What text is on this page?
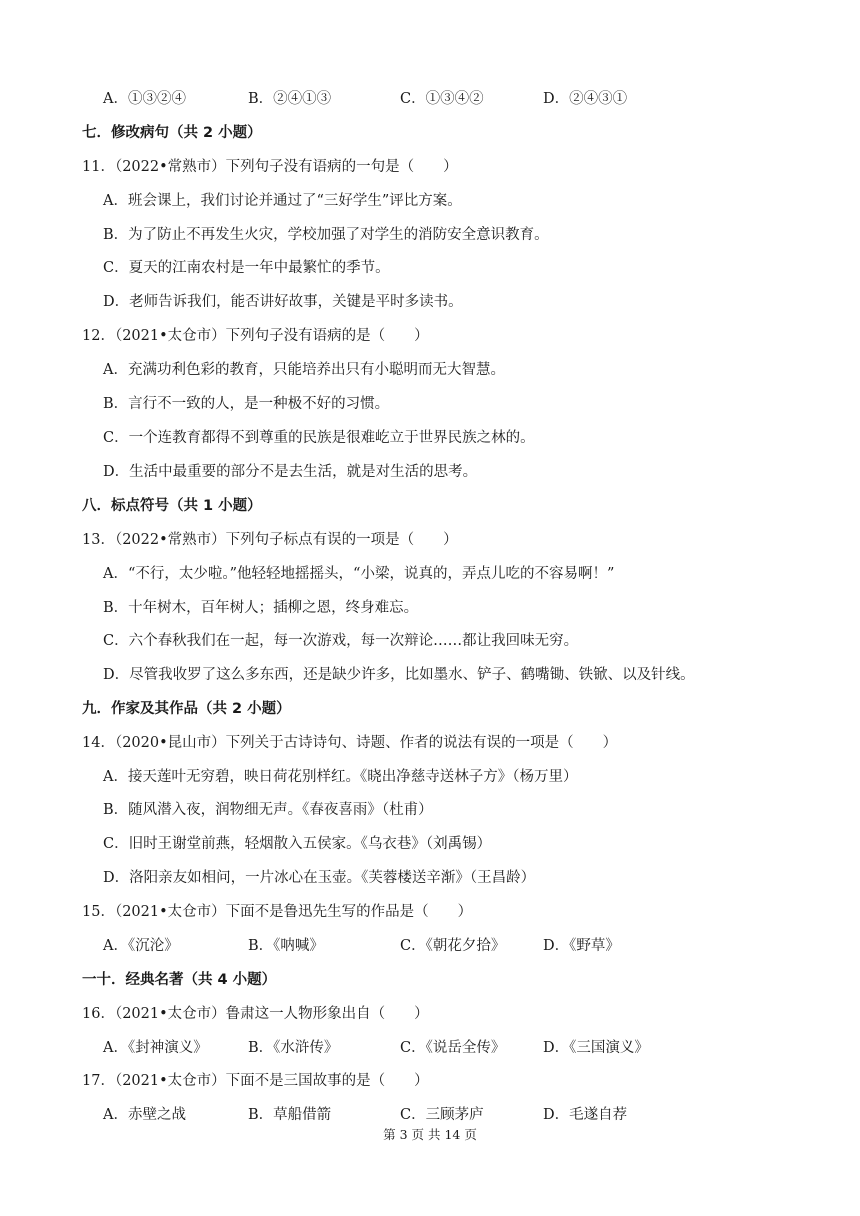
A．①③②④	B．②④①③	C．①③④②	D．②④③①
七．修改病句（共 2 小题）
11．（2022•常熟市）下列句子没有语病的一句是（　　）
A．班会课上，我们讨论并通过了“三好学生”评比方案。
B．为了防止不再发生火灾，学校加强了对学生的消防安全意识教育。
C．夏天的江南农村是一年中最繁忙的季节。
D．老师告诉我们，能否讲好故事，关键是平时多读书。
12．（2021•太仓市）下列句子没有语病的是（　　）
A．充满功利色彩的教育，只能培养出只有小聪明而无大智慧。
B．言行不一致的人，是一种极不好的习惯。
C．一个连教育都得不到尊重的民族是很难屹立于世界民族之林的。
D．生活中最重要的部分不是去生活，就是对生活的思考。
八．标点符号（共 1 小题）
13．（2022•常熟市）下列句子标点有误的一项是（　　）
A．“不行，太少啦。”他轻轻地摇摇头，“小梁，说真的，弄点儿吃的不容易啊！”
B．十年树木，百年树人；插柳之恩，终身难忘。
C．六个春秋我们在一起，每一次游戏，每一次辩论……都让我回味无穷。
D．尽管我收罗了这么多东西，还是缺少许多，比如墨水、铲子、鹤嘴锄、铁锨、以及针线。
九．作家及其作品（共 2 小题）
14．（2020•昆山市）下列关于古诗诗句、诗题、作者的说法有误的一项是（　　）
A．接天莲叶无穷碧，映日荷花别样红。《晓出净慈寺送林子方》（杨万里）
B．随风潜入夜，润物细无声。《春夜喜雨》（杜甫）
C．旧时王谢堂前燕，轻烟散入五侯家。《乌衣巷》（刘禹锡）
D．洛阳亲友如相问，一片冰心在玉壶。《芙蓉楼送辛渐》（王昌龄）
15．（2021•太仓市）下面不是鲁迅先生写的作品是（　　）
A．《沉沦》	B．《呐喊》	C．《朝花夕拾》	D．《野草》
一十．经典名著（共 4 小题）
16．（2021•太仓市）鲁肃这一人物形象出自（　　）
A．《封神演义》	B．《水浒传》	C．《说岳全传》	D．《三国演义》
17．（2021•太仓市）下面不是三国故事的是（　　）
A．赤壁之战	B．草船借箭	C．三顾茅庐	D．毛遂自荐
第 3 页 共 14 页
